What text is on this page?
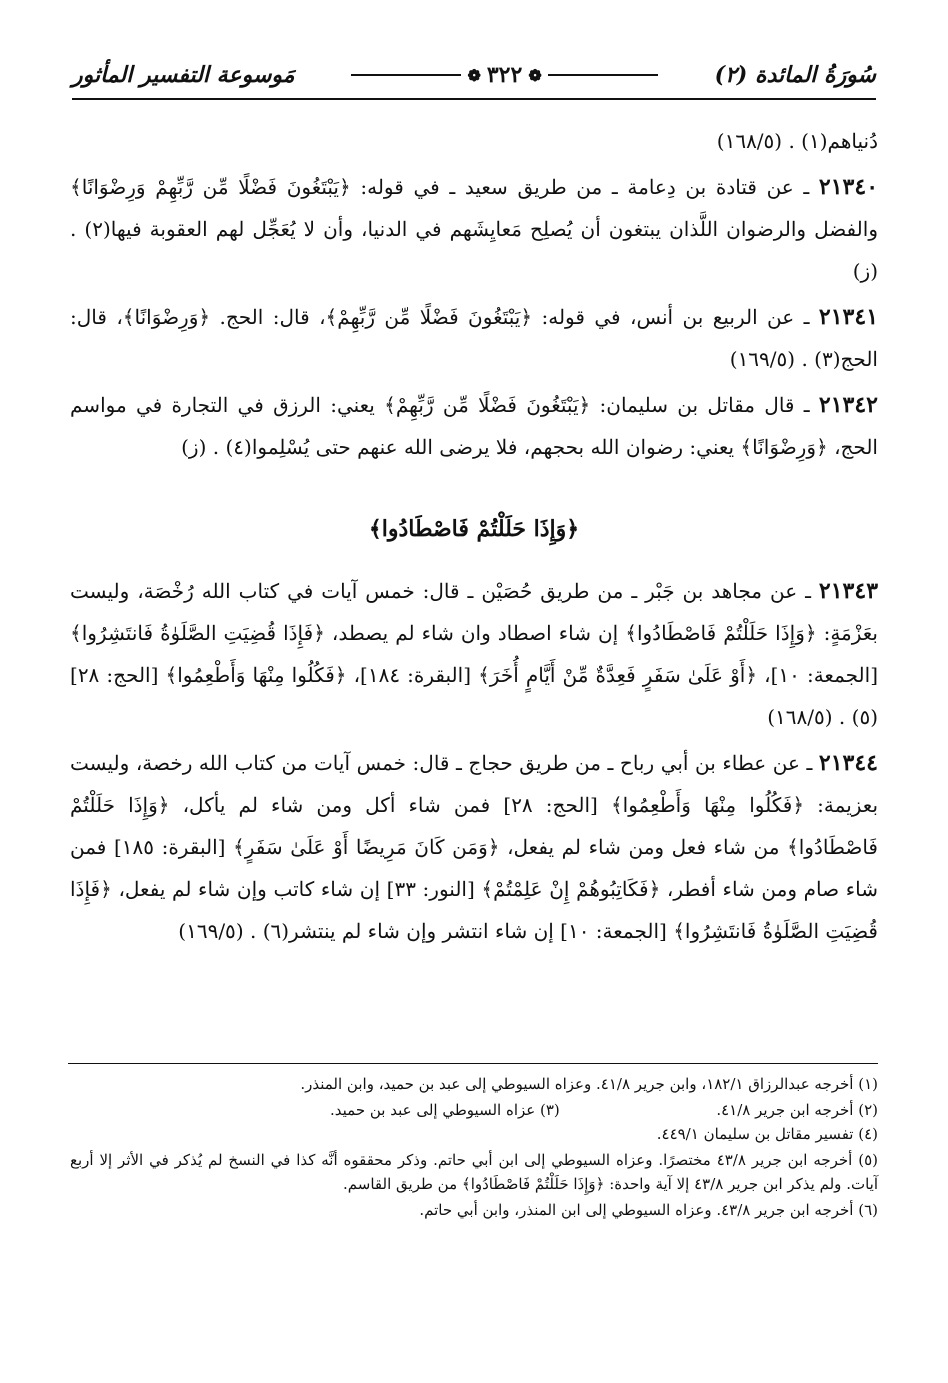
سُورَةُ المائدة (٢)
❁
٣٢٢
❁
مَوسوعة التفسير المأثور

دُنياهم(١) . (١٦٨/٥)

٢١٣٤٠ ـ عن قتادة بن دِعامة ـ من طريق سعيد ـ في قوله: ﴿يَبْتَغُونَ فَضْلًا مِّن رَّبِّهِمْ وَرِضْوَانًا﴾ والفضل والرضوان اللَّذان يبتغون أن يُصلِح مَعايِشَهم في الدنيا، وأن لا يُعَجِّل لهم العقوبة فيها(٢) . (ز)

٢١٣٤١ ـ عن الربيع بن أنس، في قوله: ﴿يَبْتَغُونَ فَضْلًا مِّن رَّبِّهِمْ﴾، قال: الحج. ﴿وَرِضْوَانًا﴾، قال: الحج(٣) . (١٦٩/٥)

٢١٣٤٢ ـ قال مقاتل بن سليمان: ﴿يَبْتَغُونَ فَضْلًا مِّن رَّبِّهِمْ﴾ يعني: الرزق في التجارة في مواسم الحج، ﴿وَرِضْوَانًا﴾ يعني: رضوان الله بحجهم، فلا يرضى الله عنهم حتى يُسْلِموا(٤) . (ز)

﴿وَإِذَا حَلَلْتُمْ فَاصْطَادُوا﴾

٢١٣٤٣ ـ عن مجاهد بن جَبْر ـ من طريق حُصَيْن ـ قال: خمس آيات في كتاب الله رُخْصَة، وليست بعَزْمَةٍ: ﴿وَإِذَا حَلَلْتُمْ فَاصْطَادُوا﴾ إن شاء اصطاد وان شاء لم يصطد، ﴿فَإِذَا قُضِيَتِ الصَّلَوٰةُ فَانتَشِرُوا﴾ [الجمعة: ١٠]، ﴿أَوْ عَلَىٰ سَفَرٍ فَعِدَّةٌ مِّنْ أَيَّامٍ أُخَرَ﴾ [البقرة: ١٨٤]، ﴿فَكُلُوا مِنْهَا وَأَطْعِمُوا﴾ [الحج: ٢٨](٥) . (١٦٨/٥)

٢١٣٤٤ ـ عن عطاء بن أبي رباح ـ من طريق حجاج ـ قال: خمس آيات من كتاب الله رخصة، وليست بعزيمة: ﴿فَكُلُوا مِنْهَا وَأَطْعِمُوا﴾ [الحج: ٢٨] فمن شاء أكل ومن شاء لم يأكل، ﴿وَإِذَا حَلَلْتُمْ فَاصْطَادُوا﴾ من شاء فعل ومن شاء لم يفعل، ﴿وَمَن كَانَ مَرِيضًا أَوْ عَلَىٰ سَفَرٍ﴾ [البقرة: ١٨٥] فمن شاء صام ومن شاء أفطر، ﴿فَكَاتِبُوهُمْ إِنْ عَلِمْتُمْ﴾ [النور: ٣٣] إن شاء كاتب وإن شاء لم يفعل، ﴿فَإِذَا قُضِيَتِ الصَّلَوٰةُ فَانتَشِرُوا﴾ [الجمعة: ١٠] إن شاء انتشر وإن شاء لم ينتشر(٦) . (١٦٩/٥)

(١) أخرجه عبدالرزاق ١٨٢/١، وابن جرير ٤١/٨. وعزاه السيوطي إلى عبد بن حميد، وابن المنذر.

(٢) أخرجه ابن جرير ٤١/٨.
(٣) عزاه السيوطي إلى عبد بن حميد.

(٤) تفسير مقاتل بن سليمان ٤٤٩/١.

(٥) أخرجه ابن جرير ٤٣/٨ مختصرًا. وعزاه السيوطي إلى ابن أبي حاتم. وذكر محققوه أنَّه كذا في النسخ لم يُذكر في الأثر إلا أربع آيات. ولم يذكر ابن جرير ٤٣/٨ إلا آية واحدة: ﴿وَإِذَا حَلَلْتُمْ فَاصْطَادُوا﴾ من طريق القاسم.

(٦) أخرجه ابن جرير ٤٣/٨. وعزاه السيوطي إلى ابن المنذر، وابن أبي حاتم.
